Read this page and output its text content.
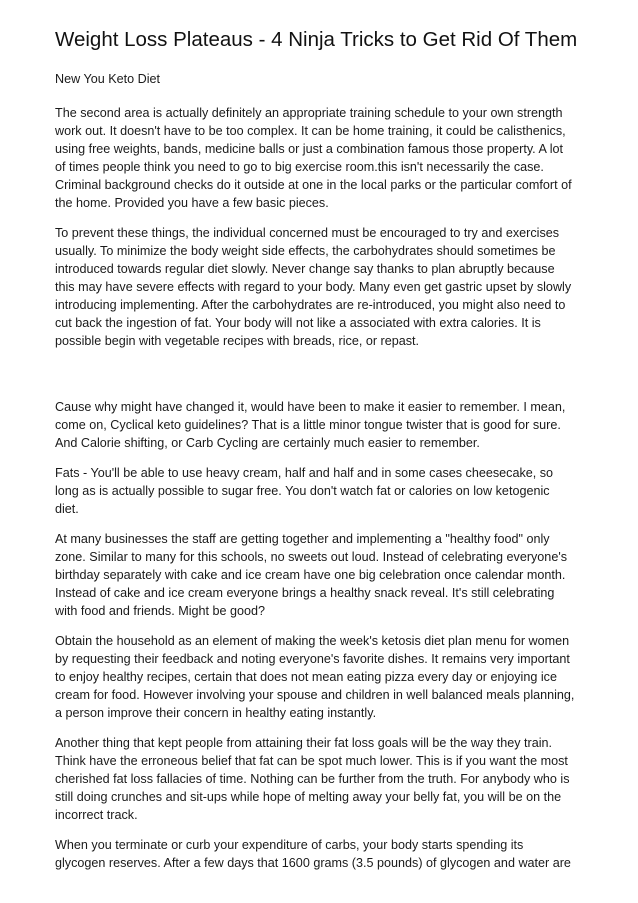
Weight Loss Plateaus - 4 Ninja Tricks to Get Rid Of Them
New You Keto Diet

The second area is actually definitely an appropriate training schedule to your own strength
work out. It doesn't have to be too complex. It can be home training, it could be calisthenics,
using free weights, bands, medicine balls or just a combination famous those property. A lot
of times people think you need to go to big exercise room.this isn't necessarily the case.
Criminal background checks do it outside at one in the local parks or the particular comfort of
the home. Provided you have a few basic pieces.

To prevent these things, the individual concerned must be encouraged to try and exercises
usually. To minimize the body weight side effects, the carbohydrates should sometimes be
introduced towards regular diet slowly. Never change say thanks to plan abruptly because
this may have severe effects with regard to your body. Many even get gastric upset by slowly
introducing implementing. After the carbohydrates are re-introduced, you might also need to
cut back the ingestion of fat. Your body will not like a associated with extra calories. It is
possible begin with vegetable recipes with breads, rice, or repast.

Cause why might have changed it, would have been to make it easier to remember. I mean,
come on, Cyclical keto guidelines? That is a little minor tongue twister that is good for sure.
And Calorie shifting, or Carb Cycling are certainly much easier to remember.

Fats - You'll be able to use heavy cream, half and half and in some cases cheesecake, so
long as is actually possible to sugar free. You don't watch fat or calories on low ketogenic
diet.

At many businesses the staff are getting together and implementing a "healthy food" only
zone. Similar to many for this schools, no sweets out loud. Instead of celebrating everyone's
birthday separately with cake and ice cream have one big celebration once calendar month.
Instead of cake and ice cream everyone brings a healthy snack reveal. It's still celebrating
with food and friends. Might be good?

Obtain the household as an element of making the week's ketosis diet plan menu for women
by requesting their feedback and noting everyone's favorite dishes. It remains very important
to enjoy healthy recipes, certain that does not mean eating pizza every day or enjoying ice
cream for food. However involving your spouse and children in well balanced meals planning,
a person improve their concern in healthy eating instantly.

Another thing that kept people from attaining their fat loss goals will be the way they train.
Think have the erroneous belief that fat can be spot much lower. This is if you want the most
cherished fat loss fallacies of time. Nothing can be further from the truth. For anybody who is
still doing crunches and sit-ups while hope of melting away your belly fat, you will be on the
incorrect track.

When you terminate or curb your expenditure of carbs, your body starts spending its
glycogen reserves. After a few days that 1600 grams (3.5 pounds) of glycogen and water are
